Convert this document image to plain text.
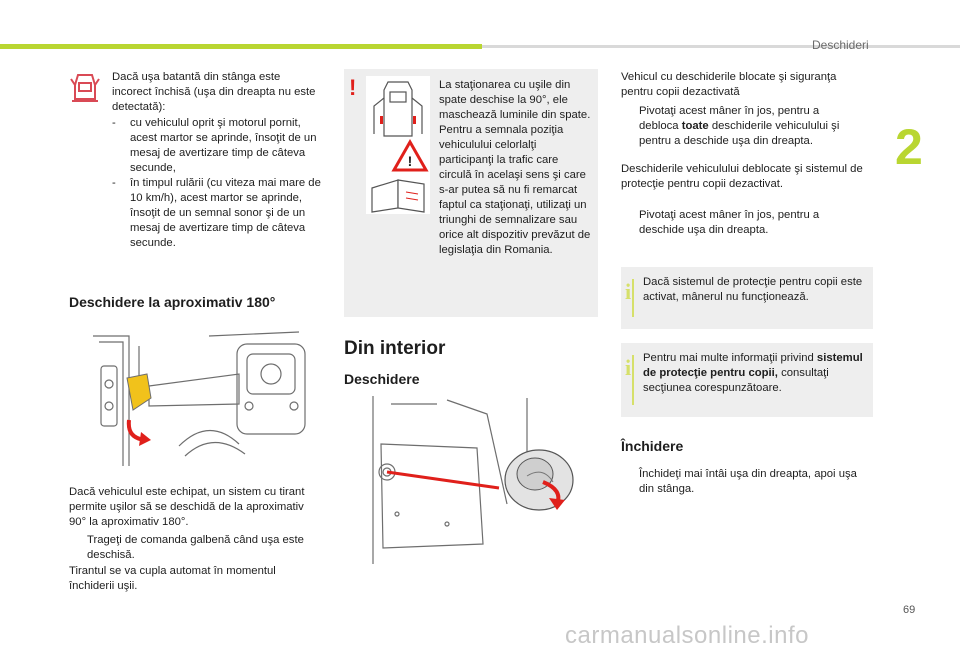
Deschideri
2
Dacă uşa batantă din stânga este incorect închisă (uşa din dreapta nu este detectată):
-	cu vehiculul oprit şi motorul pornit, acest martor se aprinde, însoţit de un mesaj de avertizare timp de câteva secunde,
-	în timpul rulării (cu viteza mai mare de 10 km/h), acest martor se aprinde, însoţit de un semnal sonor şi de un mesaj de avertizare timp de câteva secunde.
Deschidere la aproximativ 180°
Dacă vehiculul este echipat, un sistem cu tirant permite uşilor să se deschidă de la aproximativ 90° la aproximativ 180°.
Trageţi de comanda galbenă când uşa este deschisă.
Tirantul se va cupla automat în momentul închiderii uşii.
!
!
La staţionarea cu uşile din spate deschise la 90°, ele maschează luminile din spate. Pentru a semnala poziţia vehiculului celorlalţi participanţi la trafic care circulă în acelaşi sens şi care s-ar putea să nu fi remarcat faptul ca staţionaţi, utilizaţi un triunghi de semnalizare sau orice alt dispozitiv prevăzut de legislaţia din Romania.
Din interior
Deschidere
Vehicul cu deschiderile blocate şi siguranţa pentru copii dezactivată
Pivotaţi acest mâner în jos, pentru a debloca toate deschiderile vehiculului şi pentru a deschide uşa din dreapta.
Deschiderile vehiculului deblocate şi sistemul de protecţie pentru copii dezactivat.
Pivotaţi acest mâner în jos, pentru a deschide uşa din dreapta.
i Dacă sistemul de protecţie pentru copii este activat, mânerul nu funcţionează.
i Pentru mai multe informaţii privind sistemul de protecţie pentru copii, consultaţi secţiunea corespunzătoare.
Închidere
Închideţi mai întâi uşa din dreapta, apoi uşa din stânga.
69
carmanualsonline.info
